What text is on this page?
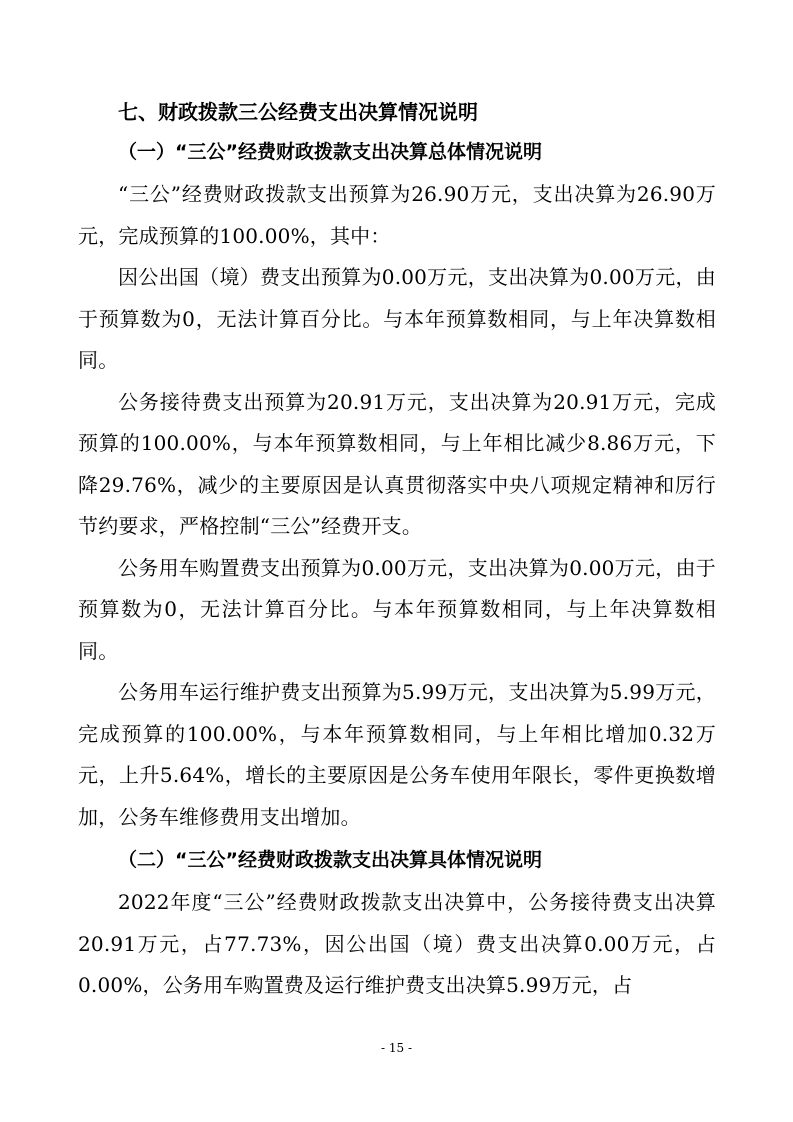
七、财政拨款三公经费支出决算情况说明
（一）“三公”经费财政拨款支出决算总体情况说明

“三公”经费财政拨款支出预算为26.90万元，支出决算为26.90万元，完成预算的100.00%，其中：

因公出国（境）费支出预算为0.00万元，支出决算为0.00万元，由于预算数为0，无法计算百分比。与本年预算数相同，与上年决算数相同。

公务接待费支出预算为20.91万元，支出决算为20.91万元，完成预算的100.00%，与本年预算数相同，与上年相比减少8.86万元，下降29.76%，减少的主要原因是认真贯彻落实中央八项规定精神和厉行节约要求，严格控制“三公”经费开支。

公务用车购置费支出预算为0.00万元，支出决算为0.00万元，由于预算数为0，无法计算百分比。与本年预算数相同，与上年决算数相同。

公务用车运行维护费支出预算为5.99万元，支出决算为5.99万元，完成预算的100.00%，与本年预算数相同，与上年相比增加0.32万元，上升5.64%，增长的主要原因是公务车使用年限长，零件更换数增加，公务车维修费用支出增加。

（二）“三公”经费财政拨款支出决算具体情况说明

2022年度“三公”经费财政拨款支出决算中，公务接待费支出决算20.91万元，占77.73%，因公出国（境）费支出决算0.00万元，占0.00%，公务用车购置费及运行维护费支出决算5.99万元，占

- 15 -
